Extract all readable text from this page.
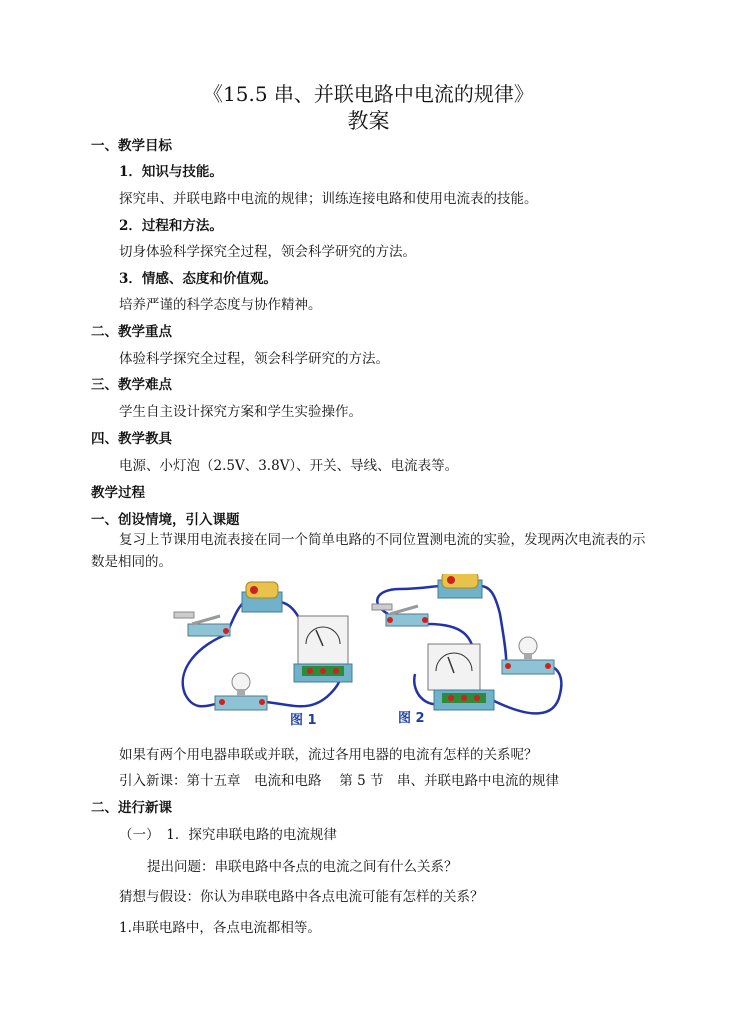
《15.5 串、并联电路中电流的规律》
教案
一、教学目标
1．知识与技能。
探究串、并联电路中电流的规律；训练连接电路和使用电流表的技能。
2．过程和方法。
切身体验科学探究全过程，领会科学研究的方法。
3．情感、态度和价值观。
培养严谨的科学态度与协作精神。
二、教学重点
体验科学探究全过程，领会科学研究的方法。
三、教学难点
学生自主设计探究方案和学生实验操作。
四、教学教具
电源、小灯泡（2.5V、3.8V）、开关、导线、电流表等。
教学过程
一、创设情境，引入课题
复习上节课用电流表接在同一个简单电路的不同位置测电流的实验，发现两次电流表的示数是相同的。
图 1	图 2
如果有两个用电器串联或并联，流过各用电器的电流有怎样的关系呢？
引入新课：第十五章　电流和电路　 第 5 节　串、并联电路中电流的规律
二、进行新课
（一）　1．探究串联电路的电流规律
提出问题：串联电路中各点的电流之间有什么关系？
猜想与假设：你认为串联电路中各点电流可能有怎样的关系？
1.串联电路中，各点电流都相等。
